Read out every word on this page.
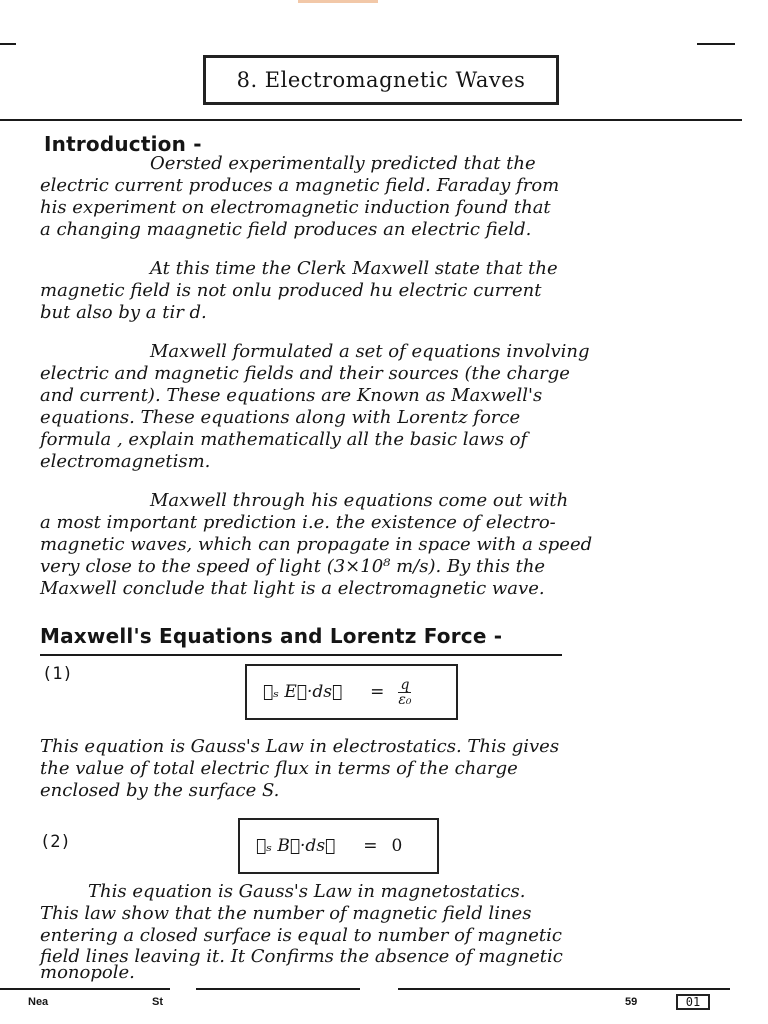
8. Electromagnetic Waves
Introduction -
Oersted experimentally predicted that the
electric current produces a magnetic field. Faraday from
his experiment on electromagnetic induction found that
a changing maagnetic field produces an electric field.
At this time the Clerk Maxwell state that the
magnetic field is not onlu produced hu electric current
but also by a tir d.
Maxwell formulated a set of equations involving
electric and magnetic fields and their sources (the charge
and current). These equations are Known as Maxwell's
equations. These equations along with Lorentz force
formula , explain mathematically all the basic laws of
electromagnetism.
Maxwell through his equations come out with
a most important prediction i.e. the existence of electro-
magnetic waves, which can propagate in space with a speed
very close to the speed of light (3×10⁸ m/s). By this the
Maxwell conclude that light is a electromagnetic wave.
Maxwell's Equations and Lorentz Force -
(1)
∮ₛ E⃗·ds⃗ = $\frac{q}{\text{ε₀}}$
This equation is Gauss's Law in electrostatics. This gives
the value of total electric flux in terms of the charge
enclosed by the surface S.
(2)	∮ₛ B⃗·ds⃗ = 0
This equation is Gauss's Law in magnetostatics.
This law show that the number of magnetic field lines
entering a closed surface is equal to number of magnetic
field lines leaving it. It Confirms the absence of magnetic
monopole.
Nea	St	59	01
